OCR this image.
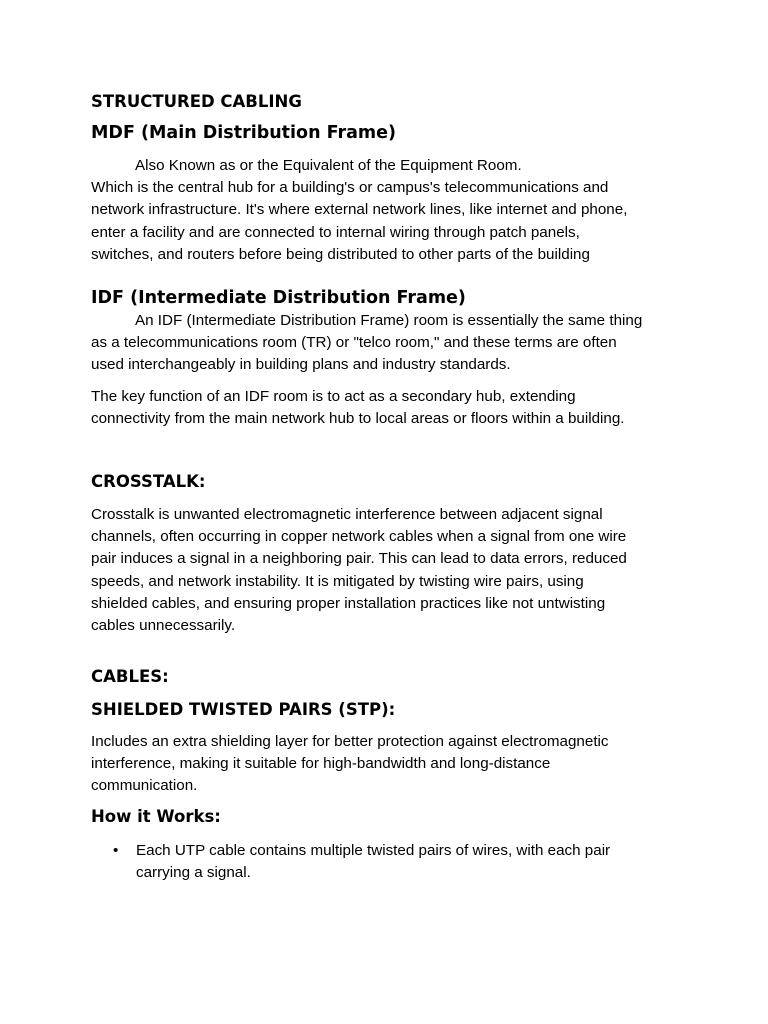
STRUCTURED CABLING
MDF (Main Distribution Frame)
Also Known as or the Equivalent of the Equipment Room.
Which is the central hub for a building's or campus's telecommunications and
network infrastructure. It's where external network lines, like internet and phone,
enter a facility and are connected to internal wiring through patch panels,
switches, and routers before being distributed to other parts of the building
IDF (Intermediate Distribution Frame)
An IDF (Intermediate Distribution Frame) room is essentially the same thing
as a telecommunications room (TR) or "telco room," and these terms are often
used interchangeably in building plans and industry standards.
The key function of an IDF room is to act as a secondary hub, extending
connectivity from the main network hub to local areas or floors within a building.
CROSSTALK:
Crosstalk is unwanted electromagnetic interference between adjacent signal
channels, often occurring in copper network cables when a signal from one wire
pair induces a signal in a neighboring pair. This can lead to data errors, reduced
speeds, and network instability. It is mitigated by twisting wire pairs, using
shielded cables, and ensuring proper installation practices like not untwisting
cables unnecessarily.
CABLES:
SHIELDED TWISTED PAIRS (STP):
Includes an extra shielding layer for better protection against electromagnetic
interference, making it suitable for high-bandwidth and long-distance
communication.
How it Works:
• Each UTP cable contains multiple twisted pairs of wires, with each pair
carrying a signal.
